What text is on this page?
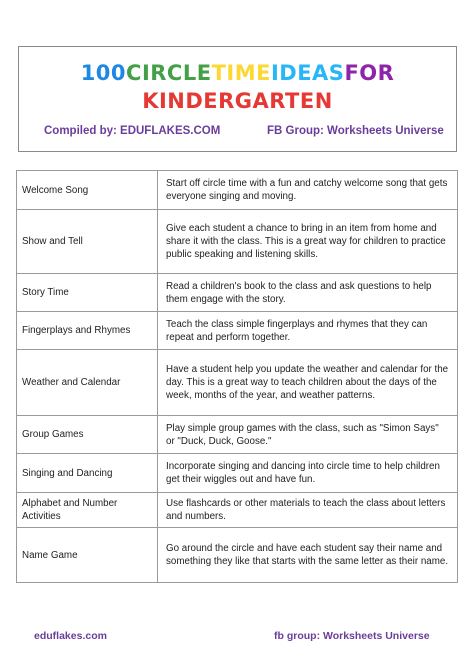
100CIRCLETIMEIDEASFOR
KINDERGARTEN
Compiled by: EDUFLAKES.COM	FB Group: Worksheets Universe
Welcome Song	Start off circle time with a fun and catchy welcome song that gets everyone singing and moving.
Show and Tell	Give each student a chance to bring in an item from home and share it with the class. This is a great way for children to practice public speaking and listening skills.
Story Time	Read a children's book to the class and ask questions to help them engage with the story.
Fingerplays and Rhymes	Teach the class simple fingerplays and rhymes that they can repeat and perform together.
Weather and Calendar	Have a student help you update the weather and calendar for the day. This is a great way to teach children about the days of the week, months of the year, and weather patterns.
Group Games	Play simple group games with the class, such as "Simon Says" or "Duck, Duck, Goose."
Singing and Dancing	Incorporate singing and dancing into circle time to help children get their wiggles out and have fun.
Alphabet and Number Activities	Use flashcards or other materials to teach the class about letters and numbers.
Name Game	Go around the circle and have each student say their name and something they like that starts with the same letter as their name.
eduflakes.com	fb group: Worksheets Universe
